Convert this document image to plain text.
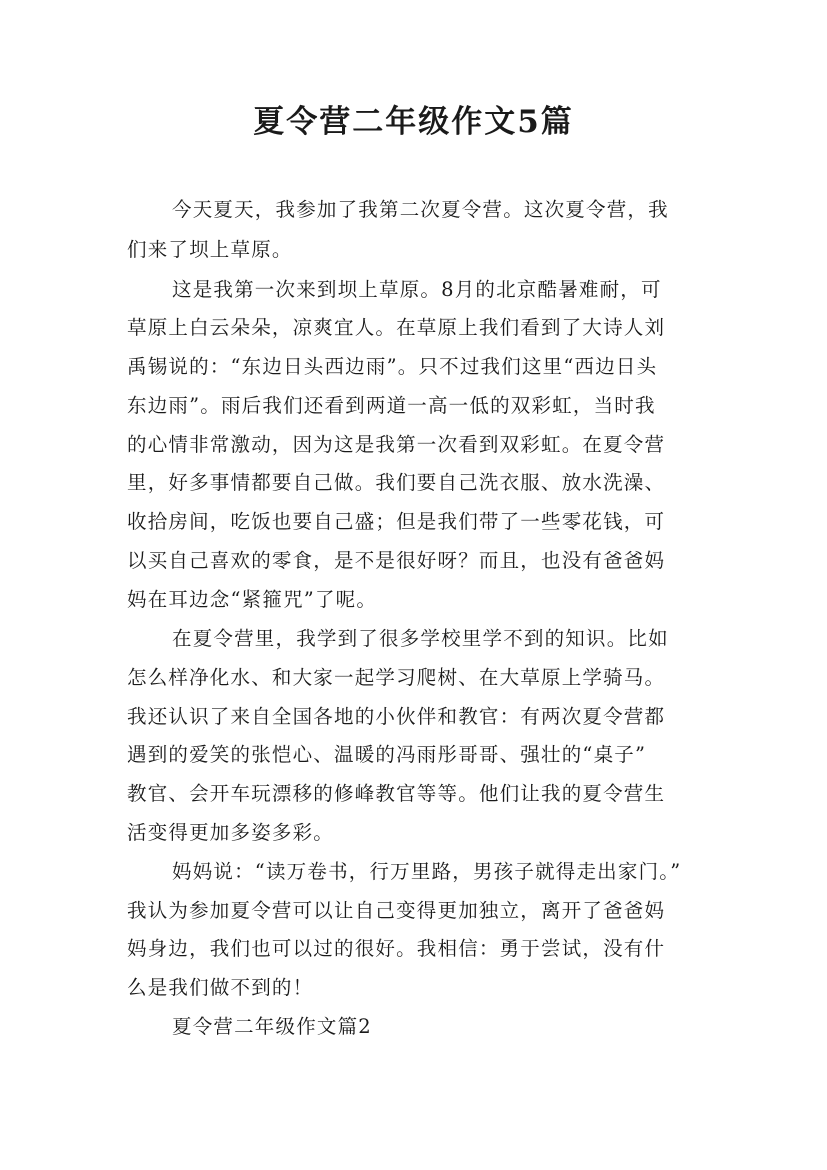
夏令营二年级作文5篇
今天夏天，我参加了我第二次夏令营。这次夏令营，我
们来了坝上草原。
这是我第一次来到坝上草原。8月的北京酷暑难耐，可
草原上白云朵朵，凉爽宜人。在草原上我们看到了大诗人刘
禹锡说的：“东边日头西边雨”。只不过我们这里“西边日头
东边雨”。雨后我们还看到两道一高一低的双彩虹，当时我
的心情非常激动，因为这是我第一次看到双彩虹。在夏令营
里，好多事情都要自己做。我们要自己洗衣服、放水洗澡、
收拾房间，吃饭也要自己盛；但是我们带了一些零花钱，可
以买自己喜欢的零食，是不是很好呀？而且，也没有爸爸妈
妈在耳边念“紧箍咒”了呢。
在夏令营里，我学到了很多学校里学不到的知识。比如
怎么样净化水、和大家一起学习爬树、在大草原上学骑马。
我还认识了来自全国各地的小伙伴和教官：有两次夏令营都
遇到的爱笑的张恺心、温暖的冯雨彤哥哥、强壮的“桌子”
教官、会开车玩漂移的修峰教官等等。他们让我的夏令营生
活变得更加多姿多彩。
妈妈说：“读万卷书，行万里路，男孩子就得走出家门。”
我认为参加夏令营可以让自己变得更加独立，离开了爸爸妈
妈身边，我们也可以过的很好。我相信：勇于尝试，没有什
么是我们做不到的！
夏令营二年级作文篇2
